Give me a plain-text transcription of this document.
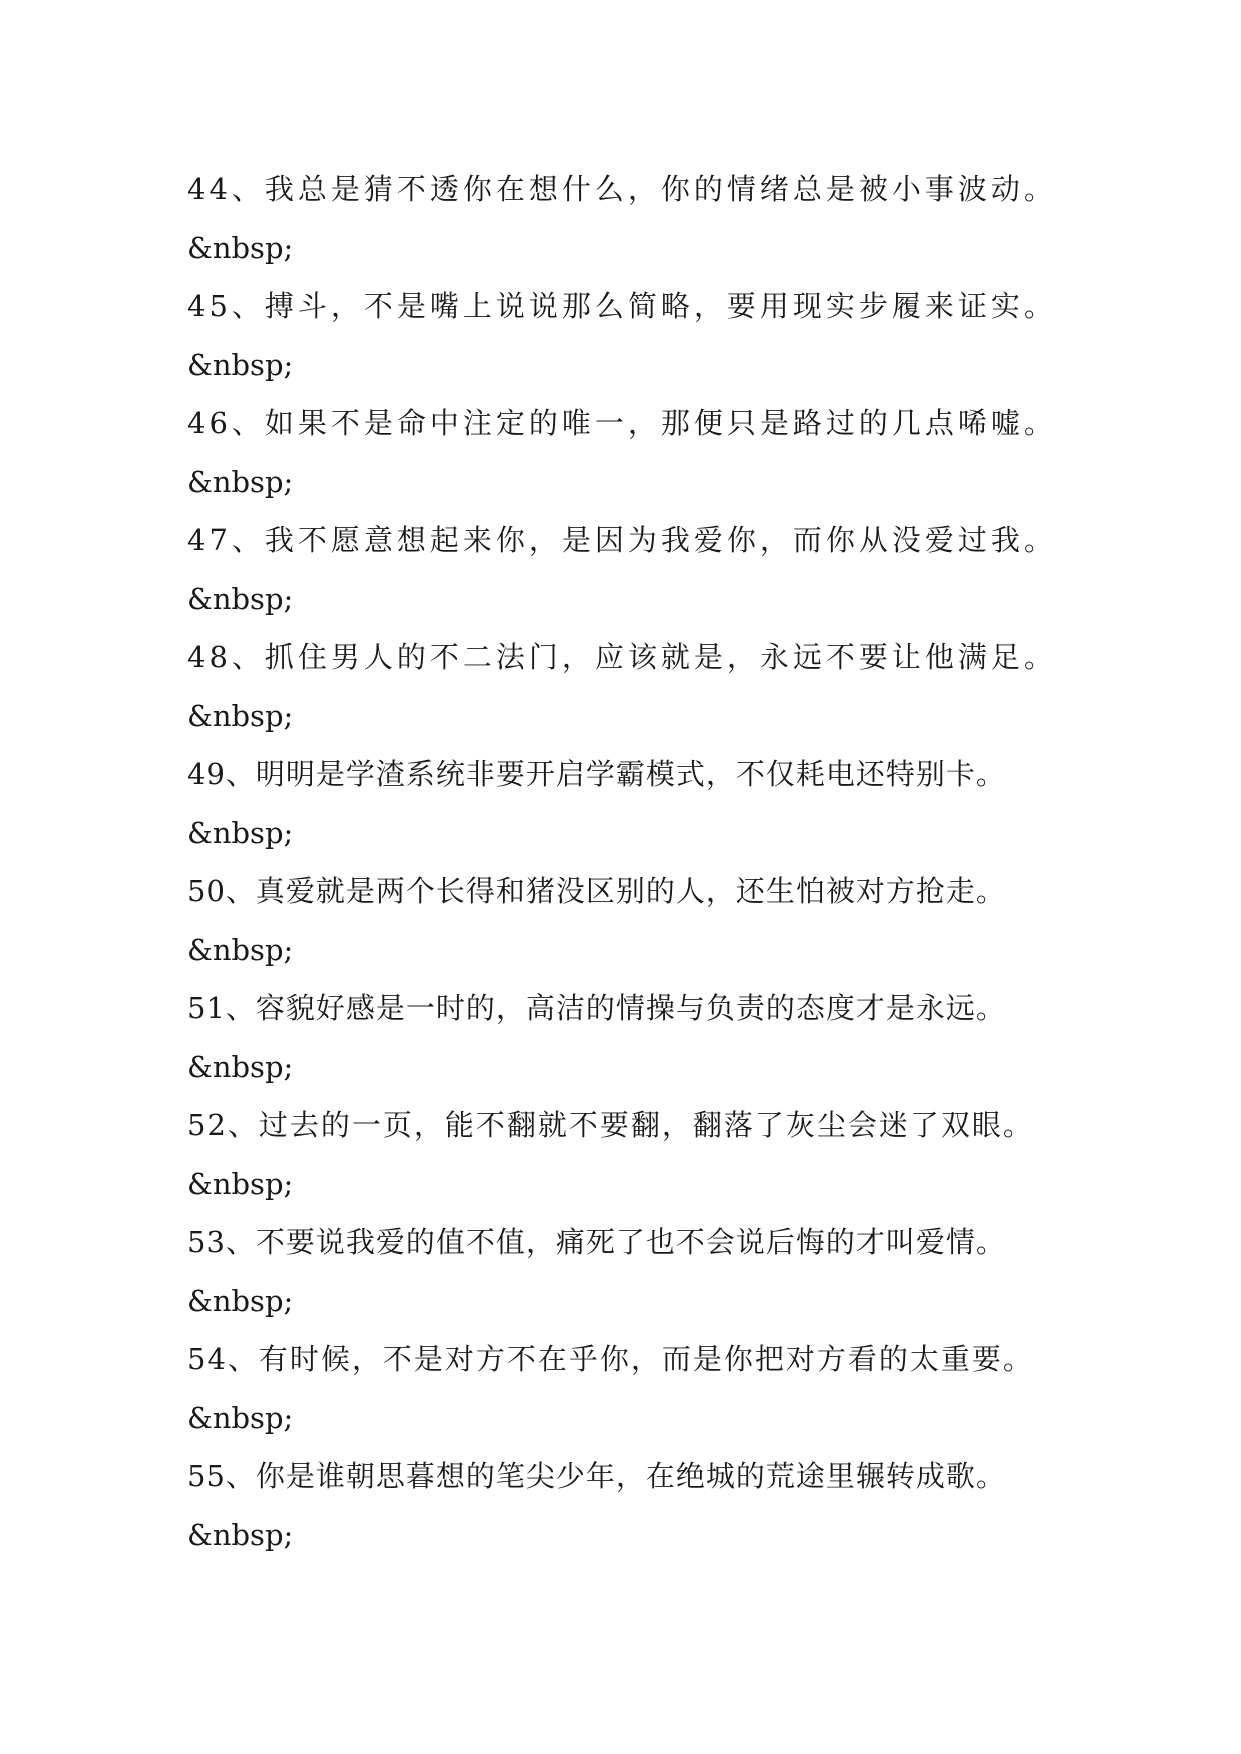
44、我总是猜不透你在想什么，你的情绪总是被小事波动。
&nbsp;
45、搏斗，不是嘴上说说那么简略，要用现实步履来证实。
&nbsp;
46、如果不是命中注定的唯一，那便只是路过的几点唏嘘。
&nbsp;
47、我不愿意想起来你，是因为我爱你，而你从没爱过我。
&nbsp;
48、抓住男人的不二法门，应该就是，永远不要让他满足。
&nbsp;
49、明明是学渣系统非要开启学霸模式，不仅耗电还特别卡。
&nbsp;
50、真爱就是两个长得和猪没区别的人，还生怕被对方抢走。
&nbsp;
51、容貌好感是一时的，高洁的情操与负责的态度才是永远。
&nbsp;
52、过去的一页，能不翻就不要翻，翻落了灰尘会迷了双眼。
&nbsp;
53、不要说我爱的值不值，痛死了也不会说后悔的才叫爱情。
&nbsp;
54、有时候，不是对方不在乎你，而是你把对方看的太重要。
&nbsp;
55、你是谁朝思暮想的笔尖少年，在绝城的荒途里辗转成歌。
&nbsp;
